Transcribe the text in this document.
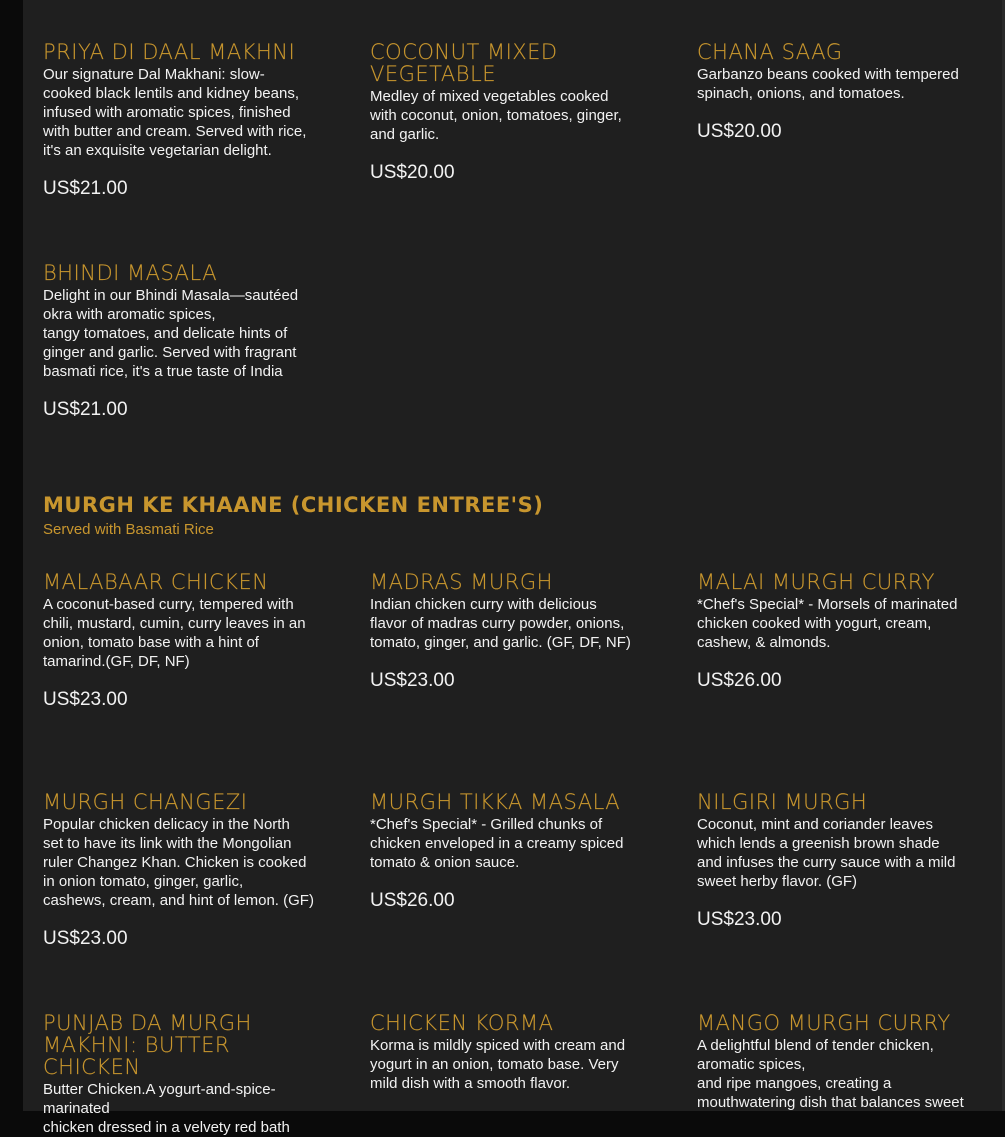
PRIYA DI DAAL MAKHNI

Our signature Dal Makhani: slow-
cooked black lentils and kidney beans,
infused with aromatic spices, finished
with butter and cream. Served with rice,
it's an exquisite vegetarian delight.

US$21.00
COCONUT MIXED
VEGETABLE

Medley of mixed vegetables cooked
with coconut, onion, tomatoes, ginger,
and garlic.

US$20.00
CHANA SAAG

Garbanzo beans cooked with tempered
spinach, onions, and tomatoes.

US$20.00
BHINDI MASALA

Delight in our Bhindi Masala—sautéed
okra with aromatic spices,
tangy tomatoes, and delicate hints of
ginger and garlic. Served with fragrant
basmati rice, it's a true taste of India

US$21.00
MURGH KE KHAANE (CHICKEN ENTREE'S)
Served with Basmati Rice
MALABAAR CHICKEN

A coconut-based curry, tempered with
chili, mustard, cumin, curry leaves in an
onion, tomato base with a hint of
tamarind.(GF, DF, NF)

US$23.00
MADRAS MURGH

Indian chicken curry with delicious
flavor of madras curry powder, onions,
tomato, ginger, and garlic. (GF, DF, NF)

US$23.00
MALAI MURGH CURRY

*Chef's Special* - Morsels of marinated
chicken cooked with yogurt, cream,
cashew, & almonds.

US$26.00
MURGH CHANGEZI

Popular chicken delicacy in the North
set to have its link with the Mongolian
ruler Changez Khan. Chicken is cooked
in onion tomato, ginger, garlic,
cashews, cream, and hint of lemon. (GF)

US$23.00
MURGH TIKKA MASALA

*Chef's Special* - Grilled chunks of
chicken enveloped in a creamy spiced
tomato & onion sauce.

US$26.00
NILGIRI MURGH

Coconut, mint and coriander leaves
which lends a greenish brown shade
and infuses the curry sauce with a mild
sweet herby flavor. (GF)

US$23.00
PUNJAB DA MURGH
MAKHNI: BUTTER CHICKEN

Butter Chicken.A yogurt-and-spice-
marinated
chicken dressed in a velvety red bath

CHICKEN KORMA

Korma is mildly spiced with cream and
yogurt in an onion, tomato base. Very
mild dish with a smooth flavor.

MANGO MURGH CURRY

A delightful blend of tender chicken,
aromatic spices,
and ripe mangoes, creating a
mouthwatering dish that balances sweet
